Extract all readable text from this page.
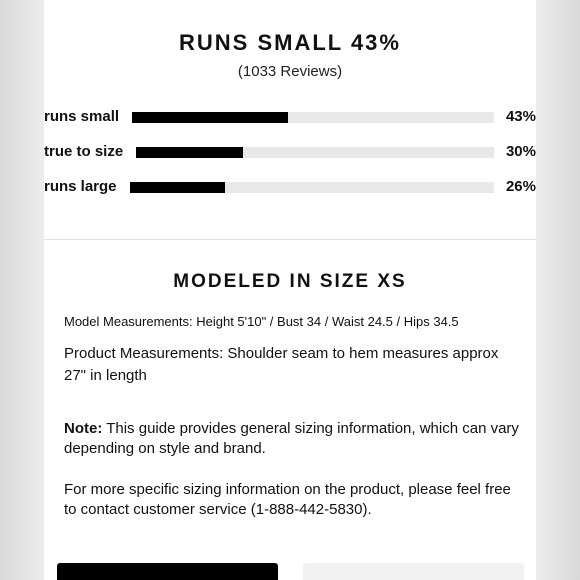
RUNS SMALL 43%
(1033 Reviews)
runs small	43%
true to size	30%
runs large	26%
MODELED IN SIZE XS
Model Measurements: Height 5'10" / Bust 34 / Waist 24.5 / Hips 34.5
Product Measurements: Shoulder seam to hem measures approx 27" in length
Note: This guide provides general sizing information, which can vary depending on style and brand.
For more specific sizing information on the product, please feel free to contact customer service (1-888-442-5830).
